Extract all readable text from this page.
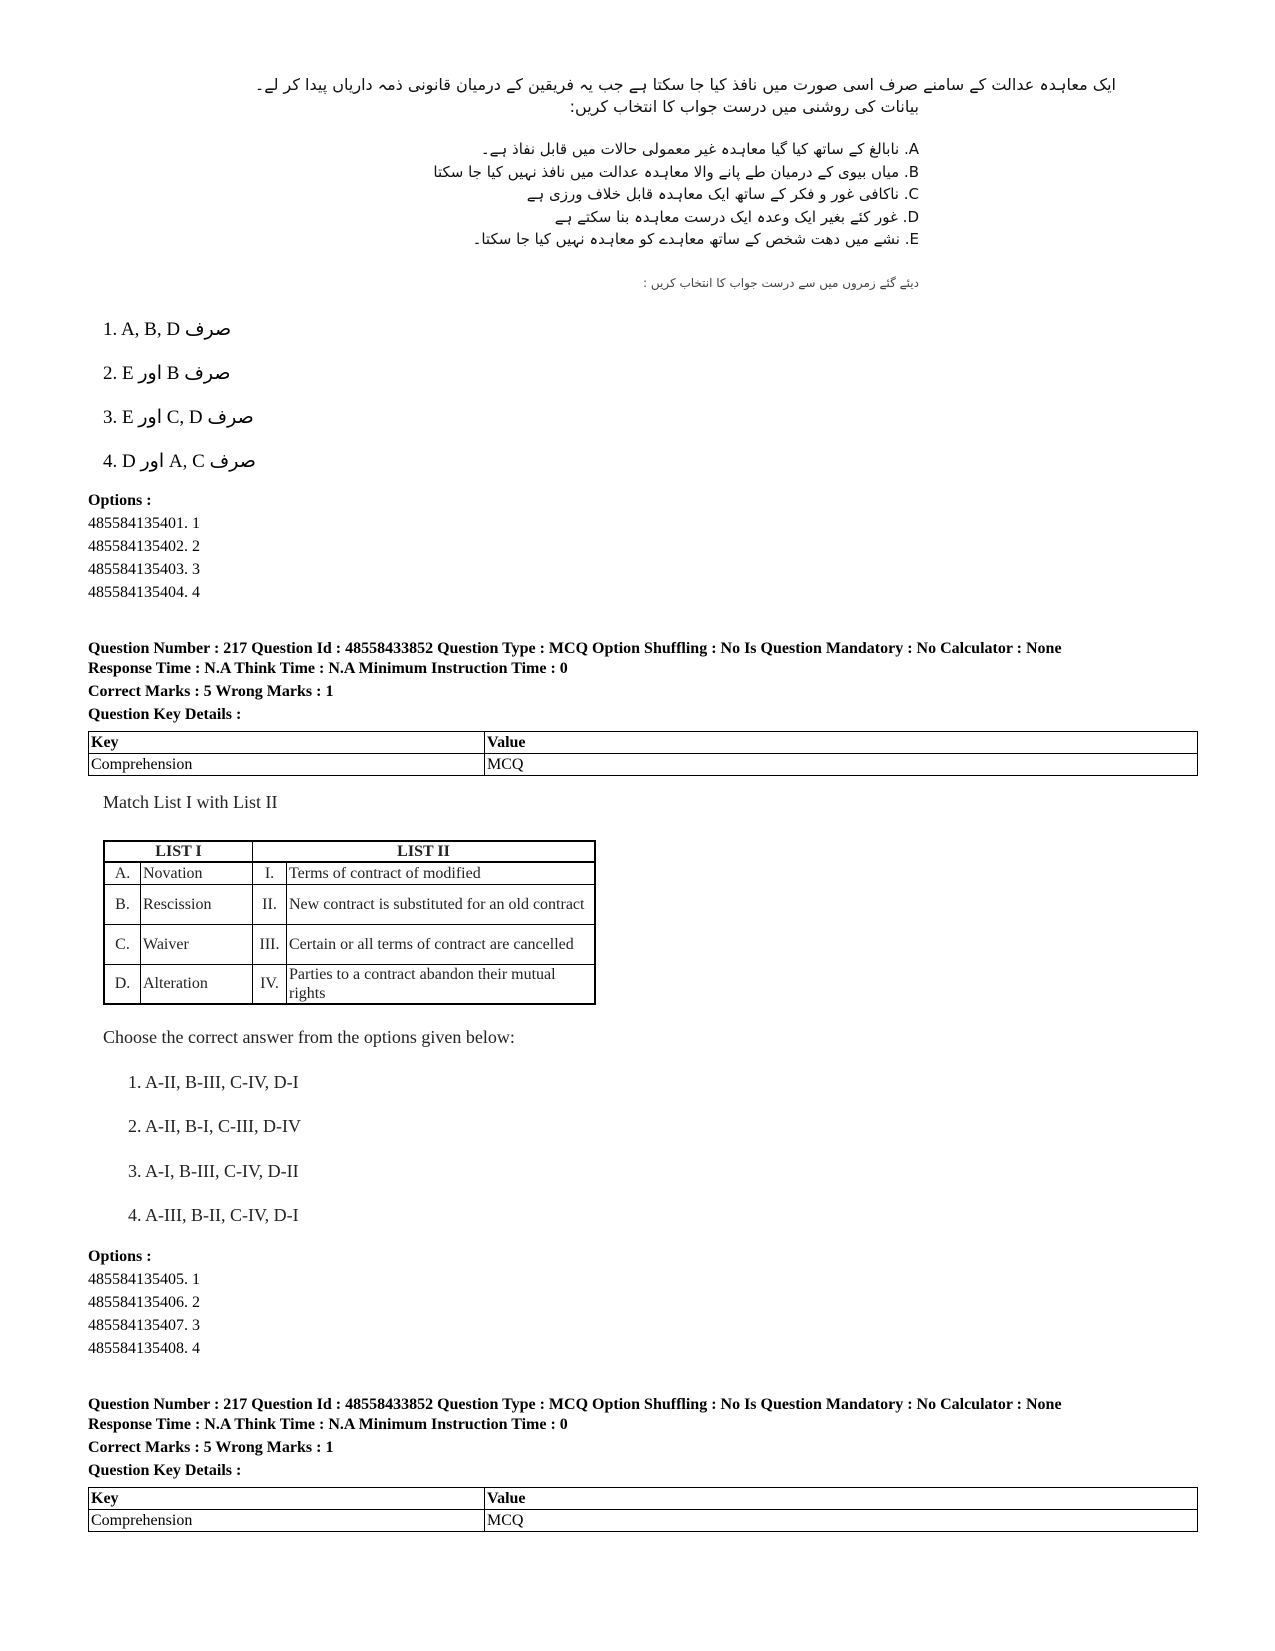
ایک معاہدہ عدالت کے سامنے صرف اسی صورت میں نافذ کیا جا سکتا ہے جب یہ فریقین کے درمیان قانونی ذمہ داریاں پیدا کر لے۔
بیانات کی روشنی میں درست جواب کا انتخاب کریں:
A. نابالغ کے ساتھ کیا گیا معاہدہ غیر معمولی حالات میں قابل نفاذ ہے۔
B. میاں بیوی کے درمیان طے پانے والا معاہدہ عدالت میں نافذ نہیں کیا جا سکتا
C. ناکافی غور و فکر کے ساتھ ایک معاہدہ قابل خلاف ورزی ہے
D. غور کئے بغیر ایک وعدہ ایک درست معاہدہ بنا سکتے ہے
E. نشے میں دھت شخص کے ساتھ معاہدے کو معاہدہ نہیں کیا جا سکتا۔
دیئے گئے زمروں میں سے درست جواب کا انتخاب کریں :
1. A, B, D صرف
2. E اور B صرف
3. E اور C, D صرف
4. D اور A, C صرف
Options :
485584135401. 1
485584135402. 2
485584135403. 3
485584135404. 4
Question Number : 217 Question Id : 48558433852 Question Type : MCQ Option Shuffling : No Is Question Mandatory : No Calculator : None
Response Time : N.A Think Time : N.A Minimum Instruction Time : 0
Correct Marks : 5 Wrong Marks : 1
Question Key Details :
Key	Value
Comprehension	MCQ
Match List I with List II
LIST I		LIST II	
A.	Novation	I.	Terms of contract of modified
B.	Rescission	II.	New contract is substituted for an old contract
C.	Waiver	III.	Certain or all terms of contract are cancelled
D.	Alteration	IV.	Parties to a contract abandon their mutual rights
Choose the correct answer from the options given below:
1. A-II, B-III, C-IV, D-I
2. A-II, B-I, C-III, D-IV
3. A-I, B-III, C-IV, D-II
4. A-III, B-II, C-IV, D-I
Options :
485584135405. 1
485584135406. 2
485584135407. 3
485584135408. 4
Question Number : 217 Question Id : 48558433852 Question Type : MCQ Option Shuffling : No Is Question Mandatory : No Calculator : None
Response Time : N.A Think Time : N.A Minimum Instruction Time : 0
Correct Marks : 5 Wrong Marks : 1
Question Key Details :
Key	Value
Comprehension	MCQ
